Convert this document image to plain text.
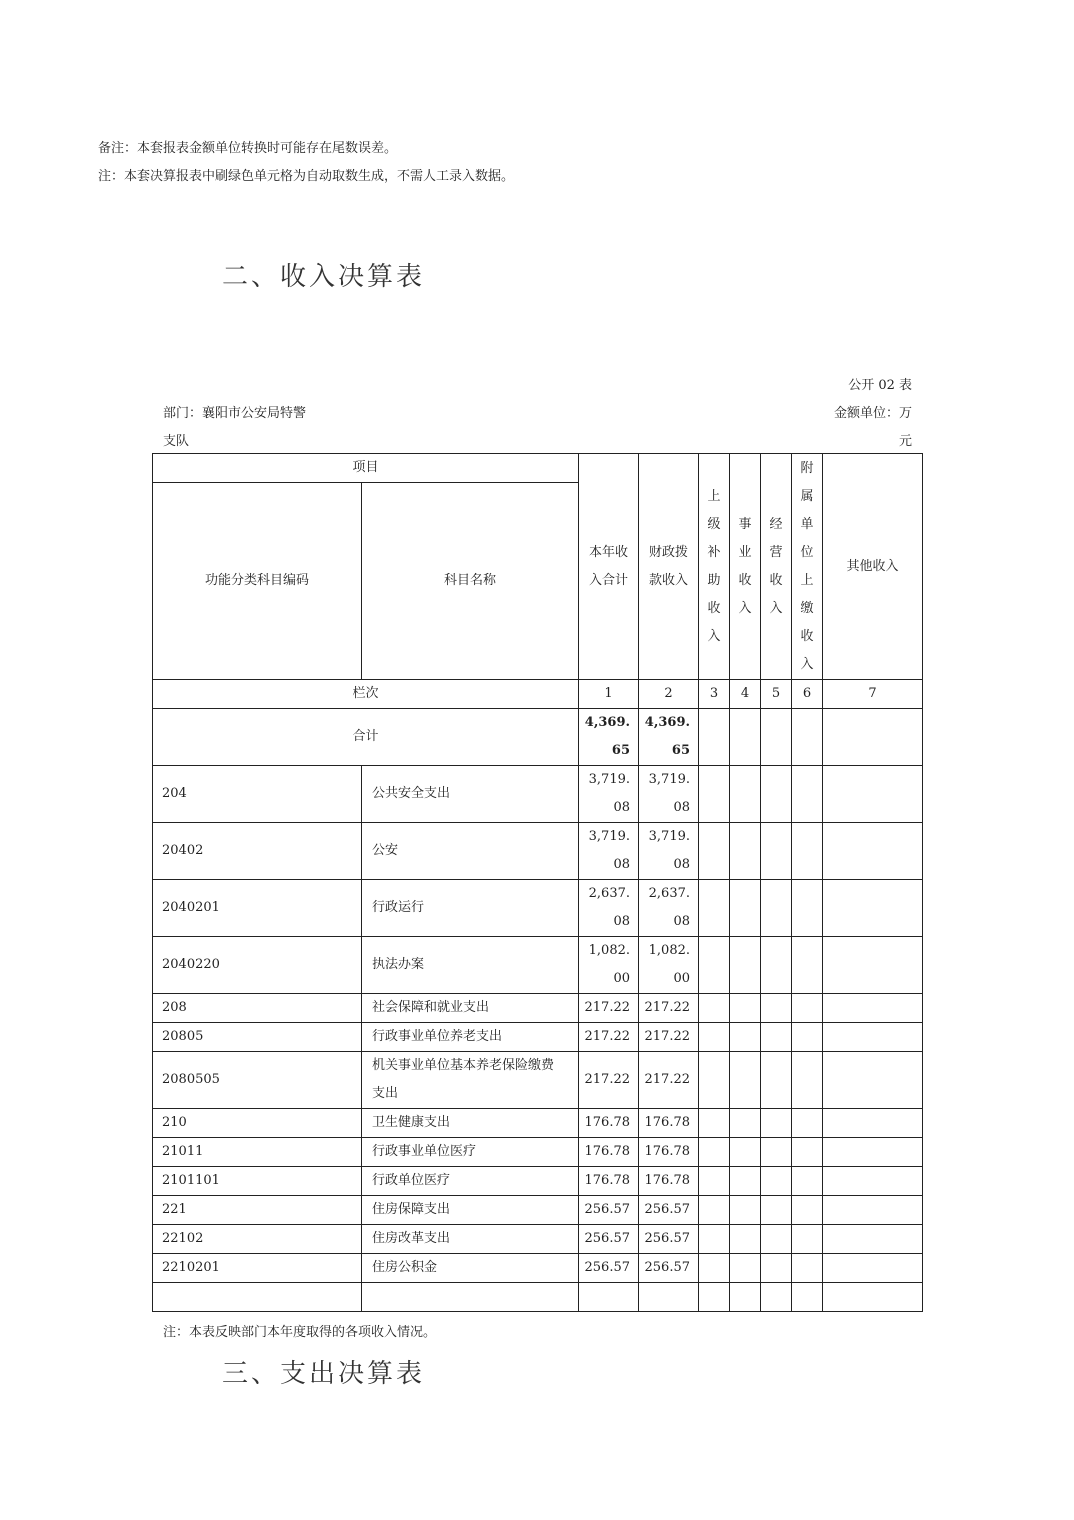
备注：本套报表金额单位转换时可能存在尾数误差。
注：本套决算报表中刷绿色单元格为自动取数生成，不需人工录入数据。
二、收入决算表
公开 02 表
部门：襄阳市公安局特警
支队
金额单位：万
元
项目		本年收入合计	财政拨款收入	上级补助收入	事业收入	经营收入	附属单位上缴收入	其他收入
功能分类科目编码	科目名称							
栏次		1	2	3	4	5	6	7
合计		4,369.65	4,369.65					
204	公共安全支出	3,719.08	3,719.08					
20402	公安	3,719.08	3,719.08					
2040201	行政运行	2,637.08	2,637.08					
2040220	执法办案	1,082.00	1,082.00					
208	社会保障和就业支出	217.22	217.22					
20805	行政事业单位养老支出	217.22	217.22					
2080505	机关事业单位基本养老保险缴费支出	217.22	217.22					
210	卫生健康支出	176.78	176.78					
21011	行政事业单位医疗	176.78	176.78					
2101101	行政单位医疗	176.78	176.78					
221	住房保障支出	256.57	256.57					
22102	住房改革支出	256.57	256.57					
2210201	住房公积金	256.57	256.57					

注：本表反映部门本年度取得的各项收入情况。
三、支出决算表
